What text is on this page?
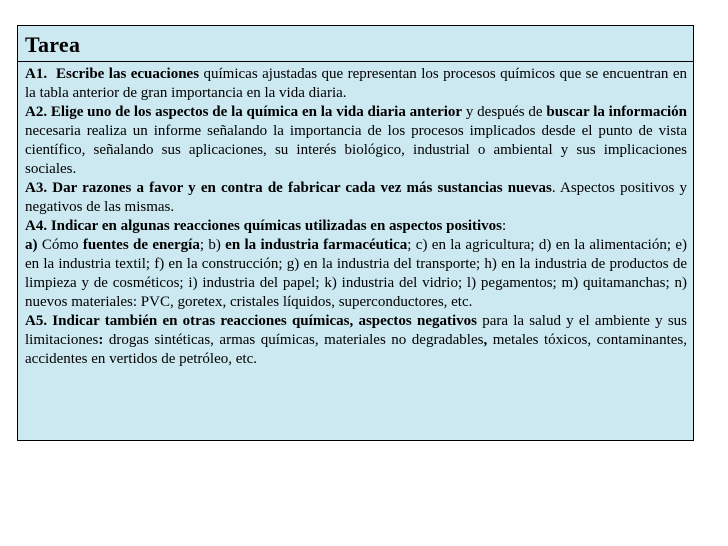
Tarea

A1. Escribe las ecuaciones químicas ajustadas que representan los procesos químicos que se encuentran en la tabla anterior de gran importancia en la vida diaria.

A2. Elige uno de los aspectos de la química en la vida diaria anterior y después de buscar la información necesaria realiza un informe señalando la importancia de los procesos implicados desde el punto de vista científico, señalando sus aplicaciones, su interés biológico, industrial o ambiental y sus implicaciones sociales.

A3. Dar razones a favor y en contra de fabricar cada vez más sustancias nuevas. Aspectos positivos y negativos de las mismas.

A4. Indicar en algunas reacciones químicas utilizadas en aspectos positivos:
a) Cómo fuentes de energía; b) en la industria farmacéutica; c) en la agricultura; d) en la alimentación; e) en la industria textil; f) en la construcción; g) en la industria del transporte; h) en la industria de productos de limpieza y de cosméticos; i) industria del papel; k) industria del vidrio; l) pegamentos; m) quitamanchas; n) nuevos materiales: PVC, goretex, cristales líquidos, superconductores, etc.

A5. Indicar también en otras reacciones químicas, aspectos negativos para la salud y el ambiente y sus limitaciones: drogas sintéticas, armas químicas, materiales no degradables, metales tóxicos, contaminantes, accidentes en vertidos de petróleo, etc.
